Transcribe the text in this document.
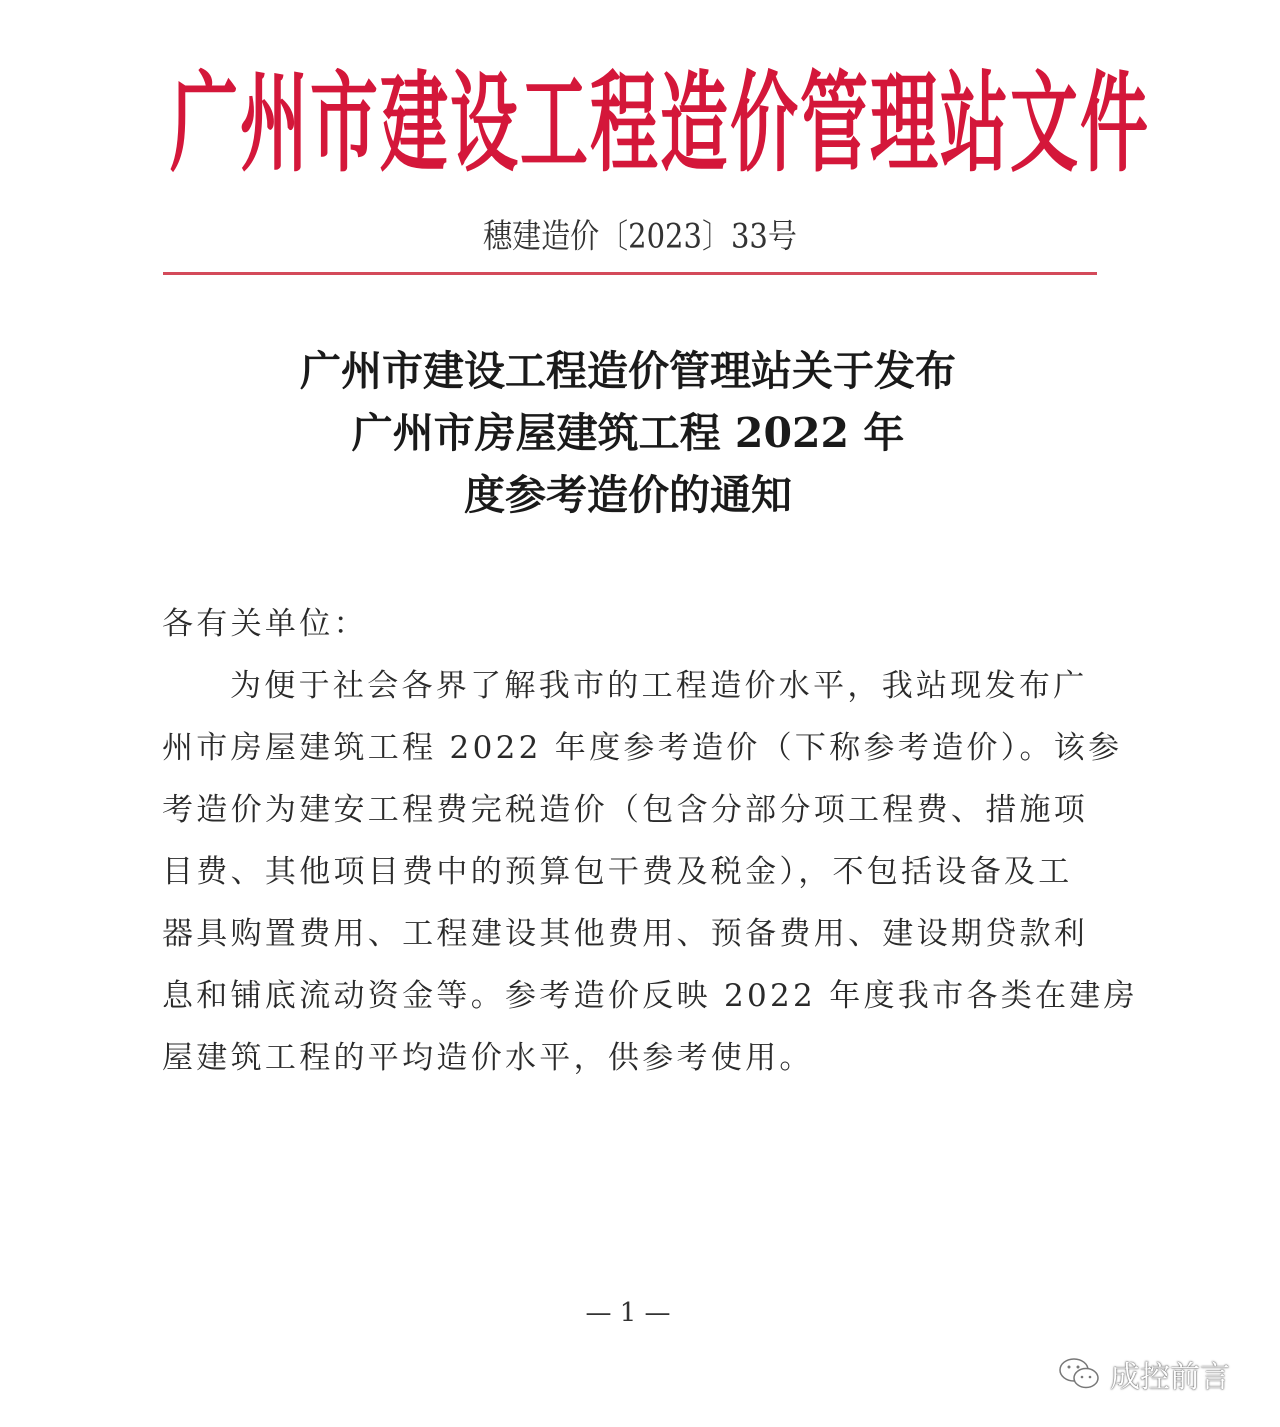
广州市建设工程造价管理站文件
穗建造价〔2023〕33号
广州市建设工程造价管理站关于发布
广州市房屋建筑工程 2022 年
度参考造价的通知
各有关单位：
为便于社会各界了解我市的工程造价水平，我站现发布广
州市房屋建筑工程 2022 年度参考造价（下称参考造价）。该参
考造价为建安工程费完税造价（包含分部分项工程费、措施项
目费、其他项目费中的预算包干费及税金），不包括设备及工
器具购置费用、工程建设其他费用、预备费用、建设期贷款利
息和铺底流动资金等。参考造价反映 2022 年度我市各类在建房
屋建筑工程的平均造价水平，供参考使用。
— 1 —
成控前言
